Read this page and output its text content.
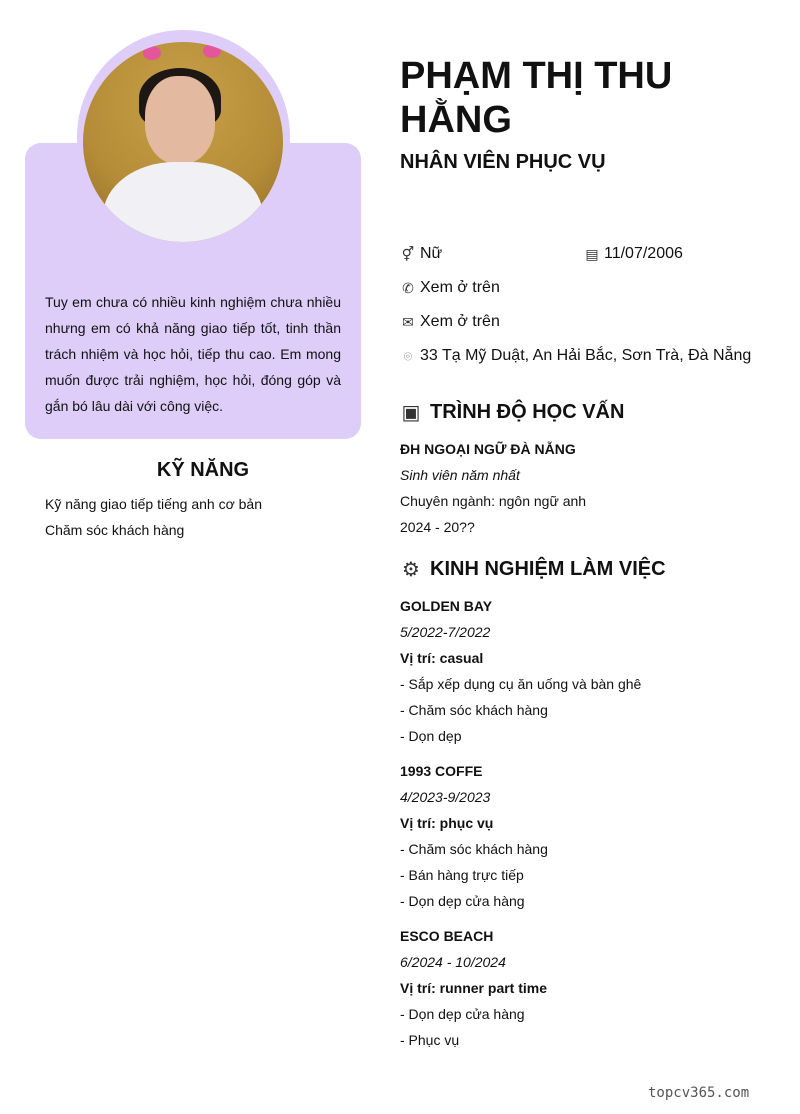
Tuy em chưa có nhiều kinh nghiệm chưa nhiều nhưng em có khả năng giao tiếp tốt, tinh thần trách nhiệm và học hỏi, tiếp thu cao. Em mong muốn được trải nghiệm, học hỏi, đóng góp và gắn bó lâu dài với công việc.
KỸ NĂNG
Kỹ năng giao tiếp tiếng anh cơ bản
Chăm sóc khách hàng
PHẠM THỊ THU HẰNG
NHÂN VIÊN PHỤC VỤ
⚥ Nữ	▤ 11/07/2006
✆ Xem ở trên
✉ Xem ở trên
⌾ 33 Tạ Mỹ Duật, An Hải Bắc, Sơn Trà, Đà Nẵng
▣ TRÌNH ĐỘ HỌC VẤN
ĐH NGOẠI NGỮ ĐÀ NẴNG
Sinh viên năm nhất
Chuyên ngành: ngôn ngữ anh
2024 - 20??
⚙ KINH NGHIỆM LÀM VIỆC
GOLDEN BAY
5/2022-7/2022
Vị trí: casual
- Sắp xếp dụng cụ ăn uống và bàn ghê
- Chăm sóc khách hàng
- Dọn dẹp
1993 COFFE
4/2023-9/2023
Vị trí: phục vụ
- Chăm sóc khách hàng
- Bán hàng trực tiếp
- Dọn dẹp cửa hàng
ESCO BEACH
6/2024 - 10/2024
Vị trí: runner part time
- Dọn dẹp cửa hàng
- Phục vụ
topcv365.com
